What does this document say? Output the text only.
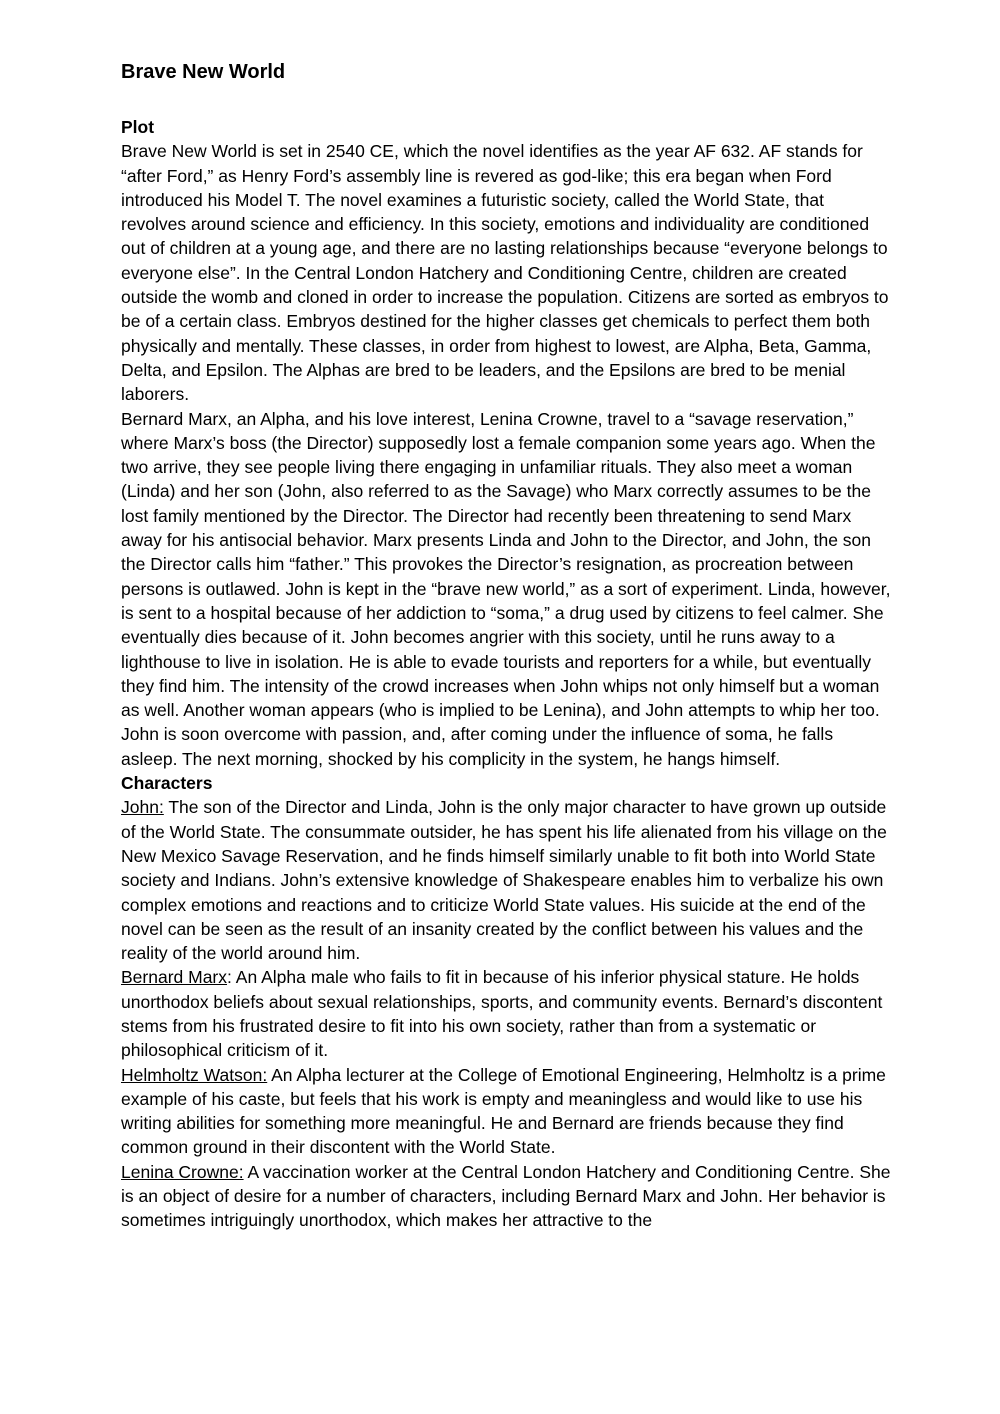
Brave New World
Plot

Brave New World is set in 2540 CE, which the novel identifies as the year AF 632. AF stands for “after Ford,” as Henry Ford’s assembly line is revered as god-like; this era began when Ford introduced his Model T. The novel examines a futuristic society, called the World State, that revolves around science and efficiency. In this society, emotions and individuality are conditioned out of children at a young age, and there are no lasting relationships because “everyone belongs to everyone else”. In the Central London Hatchery and Conditioning Centre, children are created outside the womb and cloned in order to increase the population. Citizens are sorted as embryos to be of a certain class. Embryos destined for the higher classes get chemicals to perfect them both physically and mentally. These classes, in order from highest to lowest, are Alpha, Beta, Gamma, Delta, and Epsilon. The Alphas are bred to be leaders, and the Epsilons are bred to be menial laborers.

Bernard Marx, an Alpha, and his love interest, Lenina Crowne, travel to a “savage reservation,” where Marx’s boss (the Director) supposedly lost a female companion some years ago. When the two arrive, they see people living there engaging in unfamiliar rituals. They also meet a woman (Linda) and her son (John, also referred to as the Savage) who Marx correctly assumes to be the lost family mentioned by the Director. The Director had recently been threatening to send Marx away for his antisocial behavior. Marx presents Linda and John to the Director, and John, the son the Director calls him “father.” This provokes the Director’s resignation, as procreation between persons is outlawed. John is kept in the “brave new world,” as a sort of experiment. Linda, however, is sent to a hospital because of her addiction to “soma,” a drug used by citizens to feel calmer. She eventually dies because of it. John becomes angrier with this society, until he runs away to a lighthouse to live in isolation. He is able to evade tourists and reporters for a while, but eventually they find him. The intensity of the crowd increases when John whips not only himself but a woman as well. Another woman appears (who is implied to be Lenina), and John attempts to whip her too. John is soon overcome with passion, and, after coming under the influence of soma, he falls asleep. The next morning, shocked by his complicity in the system, he hangs himself.

Characters

John: The son of the Director and Linda, John is the only major character to have grown up outside of the World State. The consummate outsider, he has spent his life alienated from his village on the New Mexico Savage Reservation, and he finds himself similarly unable to fit both into World State society and Indians. John’s extensive knowledge of Shakespeare enables him to verbalize his own complex emotions and reactions and to criticize World State values. His suicide at the end of the novel can be seen as the result of an insanity created by the conflict between his values and the reality of the world around him.

Bernard Marx: An Alpha male who fails to fit in because of his inferior physical stature. He holds unorthodox beliefs about sexual relationships, sports, and community events. Bernard’s discontent stems from his frustrated desire to fit into his own society, rather than from a systematic or philosophical criticism of it.

Helmholtz Watson: An Alpha lecturer at the College of Emotional Engineering, Helmholtz is a prime example of his caste, but feels that his work is empty and meaningless and would like to use his writing abilities for something more meaningful. He and Bernard are friends because they find common ground in their discontent with the World State.

Lenina Crowne: A vaccination worker at the Central London Hatchery and Conditioning Centre. She is an object of desire for a number of characters, including Bernard Marx and John. Her behavior is sometimes intriguingly unorthodox, which makes her attractive to the
